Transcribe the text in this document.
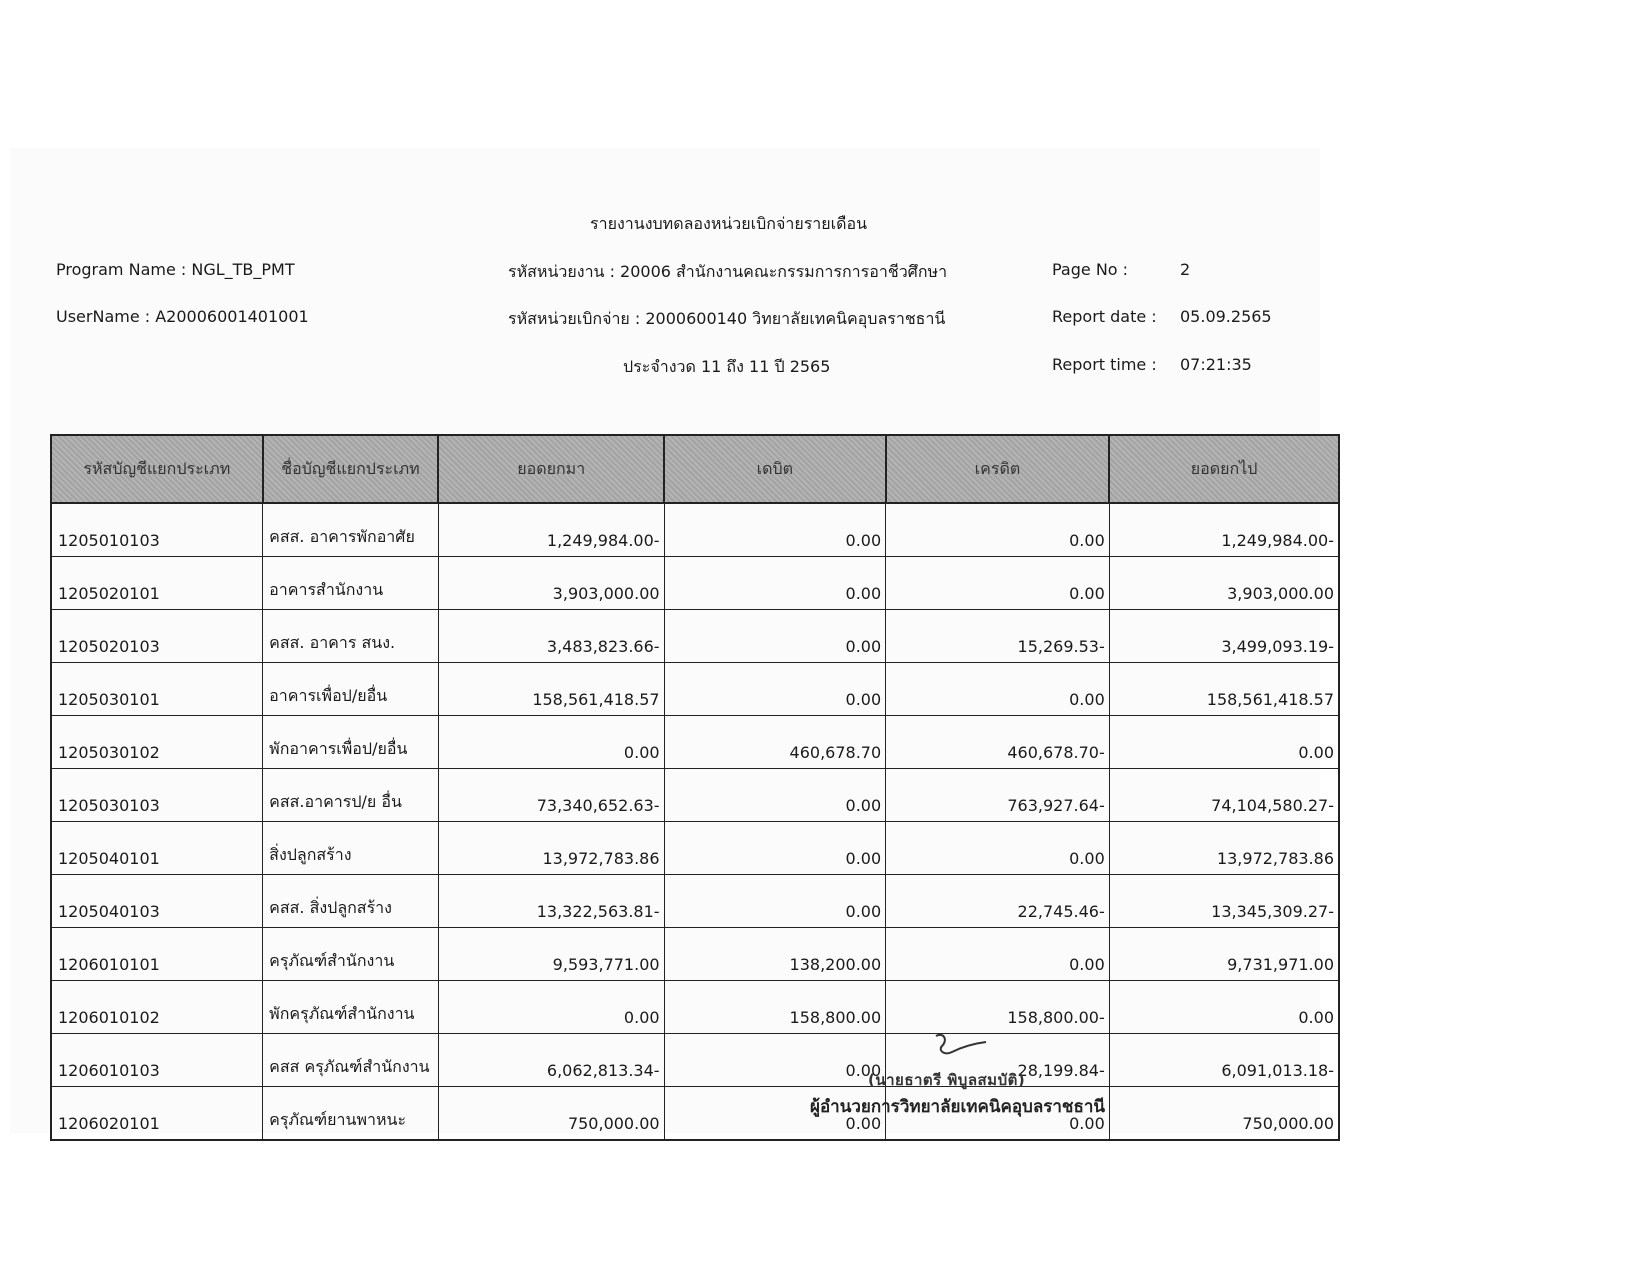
รายงานงบทดลองหน่วยเบิกจ่ายรายเดือน
Program Name : NGL_TB_PMT
UserName : A20006001401001
รหัสหน่วยงาน : 20006 สำนักงานคณะกรรมการการอาชีวศึกษา
รหัสหน่วยเบิกจ่าย : 2000600140 วิทยาลัยเทคนิคอุบลราชธานี
ประจำงวด 11 ถึง 11 ปี 2565
Page No :	2
Report date : 05.09.2565
Report time : 07:21:35
รหัสบัญชีแยกประเภท	ชื่อบัญชีแยกประเภท	ยอดยกมา	เดบิต	เครดิต	ยอดยกไป
1205010103	คสส. อาคารพักอาศัย	1,249,984.00-	0.00	0.00	1,249,984.00-
1205020101	อาคารสำนักงาน	3,903,000.00	0.00	0.00	3,903,000.00
1205020103	คสส. อาคาร สนง.	3,483,823.66-	0.00	15,269.53-	3,499,093.19-
1205030101	อาคารเพื่อป/ยอื่น	158,561,418.57	0.00	0.00	158,561,418.57
1205030102	พักอาคารเพื่อป/ยอื่น	0.00	460,678.70	460,678.70-	0.00
1205030103	คสส.อาคารป/ย อื่น	73,340,652.63-	0.00	763,927.64-	74,104,580.27-
1205040101	สิ่งปลูกสร้าง	13,972,783.86	0.00	0.00	13,972,783.86
1205040103	คสส. สิ่งปลูกสร้าง	13,322,563.81-	0.00	22,745.46-	13,345,309.27-
1206010101	ครุภัณฑ์สำนักงาน	9,593,771.00	138,200.00	0.00	9,731,971.00
1206010102	พักครุภัณฑ์สำนักงาน	0.00	158,800.00	158,800.00-	0.00
1206010103	คสส ครุภัณฑ์สำนักงาน	6,062,813.34-	0.00	28,199.84-	6,091,013.18-
1206020101	ครุภัณฑ์ยานพาหนะ	750,000.00	0.00	0.00	750,000.00
(นายธาตรี พิบูลสมบัติ)
ผู้อำนวยการวิทยาลัยเทคนิคอุบลราชธานี
